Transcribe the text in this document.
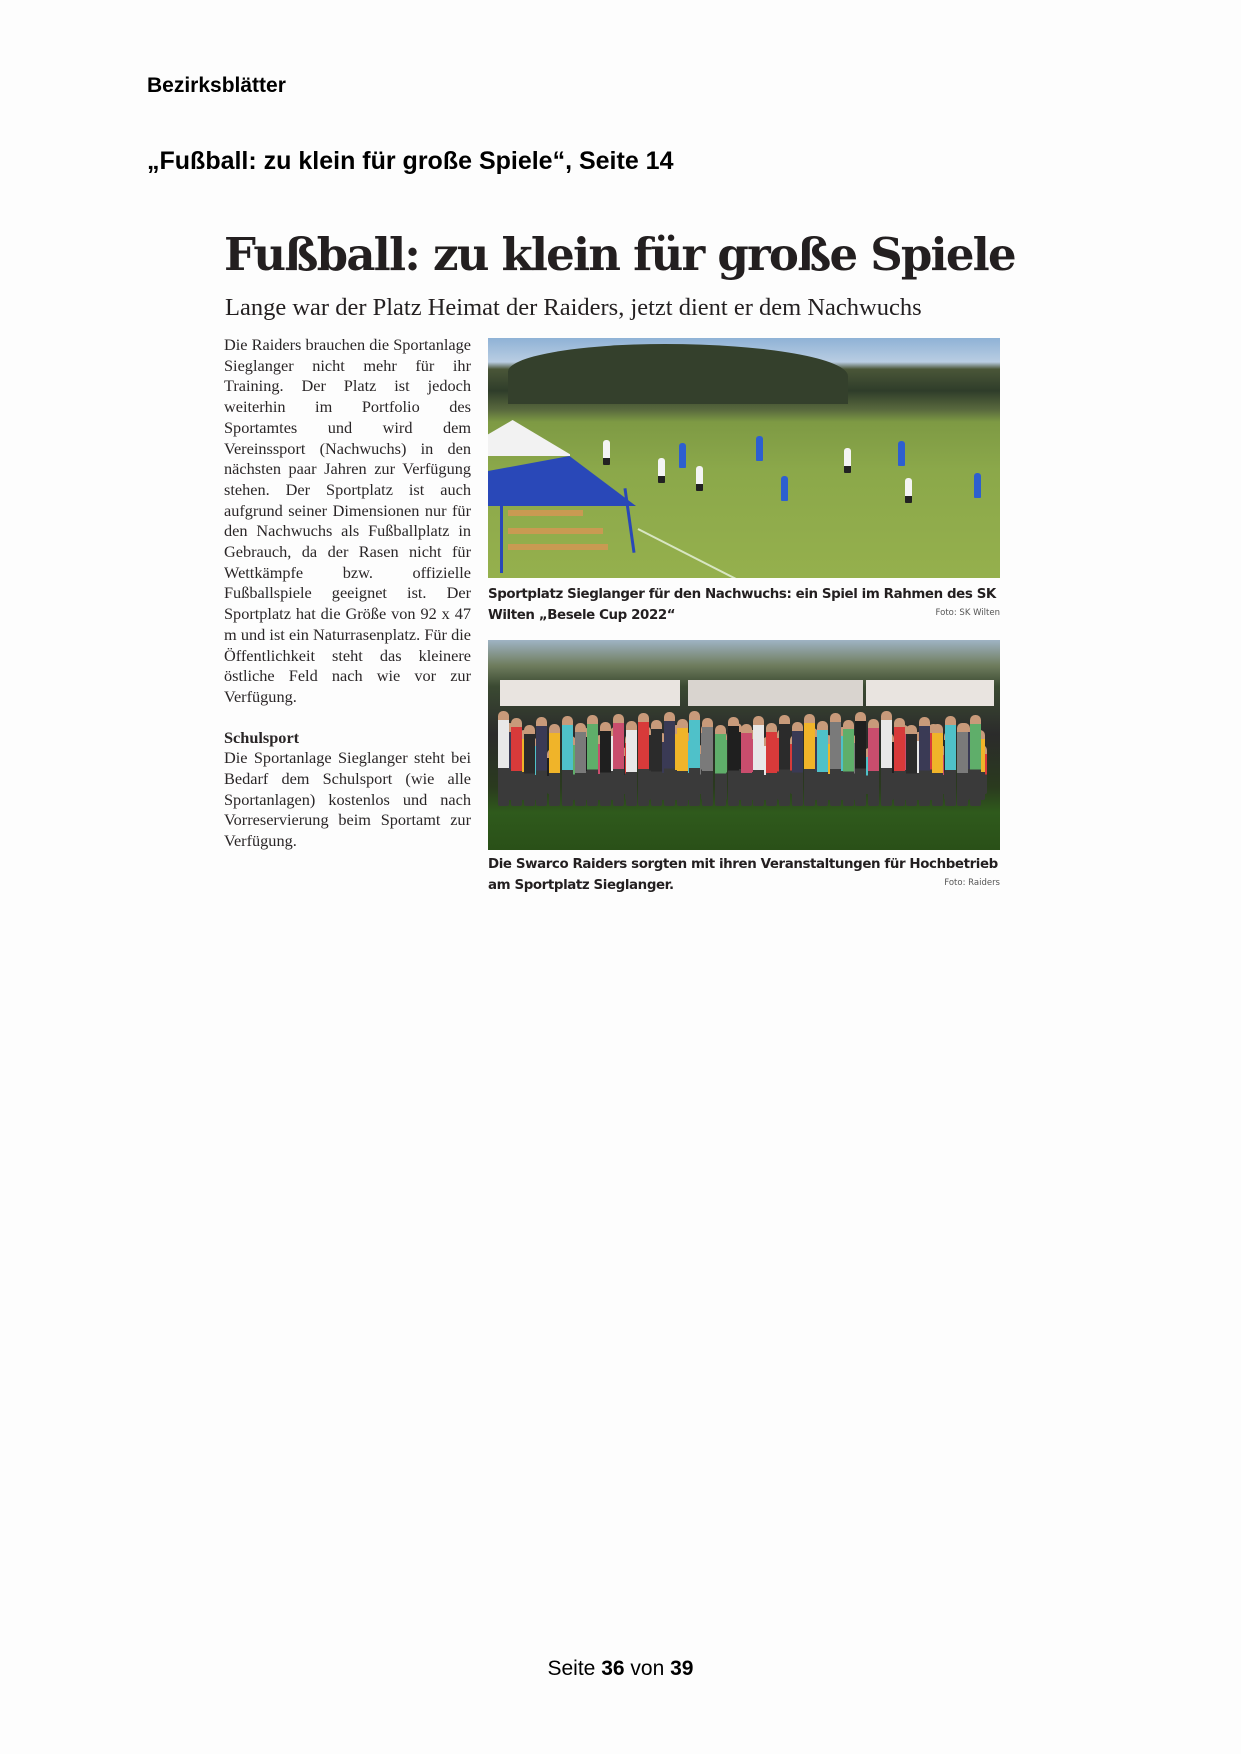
Bezirksblätter
„Fußball: zu klein für große Spiele“, Seite 14
Fußball: zu klein für große Spiele
Lange war der Platz Heimat der Raiders, jetzt dient er dem Nachwuchs

Die Raiders brauchen die Sportanlage Sieglanger nicht mehr für ihr Training. Der Platz ist jedoch weiterhin im Portfolio des Sportamtes und wird dem Vereinssport (Nachwuchs) in den nächsten paar Jahren zur Verfügung stehen. Der Sportplatz ist auch aufgrund seiner Dimensionen nur für den Nachwuchs als Fußballplatz in Gebrauch, da der Rasen nicht für Wettkämpfe bzw. offizielle Fußballspiele geeignet ist. Der Sportplatz hat die Größe von 92 x 47 m und ist ein Naturrasenplatz. Für die Öffentlichkeit steht das kleinere östliche Feld nach wie vor zur Verfügung.

Schulsport

Die Sportanlage Sieglanger steht bei Bedarf dem Schulsport (wie alle Sportanlagen) kostenlos und nach Vorreservierung beim Sportamt zur Verfügung.

Sportplatz Sieglanger für den Nachwuchs: ein Spiel im Rahmen des SK Wilten „Besele Cup 2022“	Foto: SK Wilten
Die Swarco Raiders sorgten mit ihren Veranstaltungen für Hochbetrieb am Sportplatz Sieglanger.	Foto: Raiders
Seite 36 von 39
